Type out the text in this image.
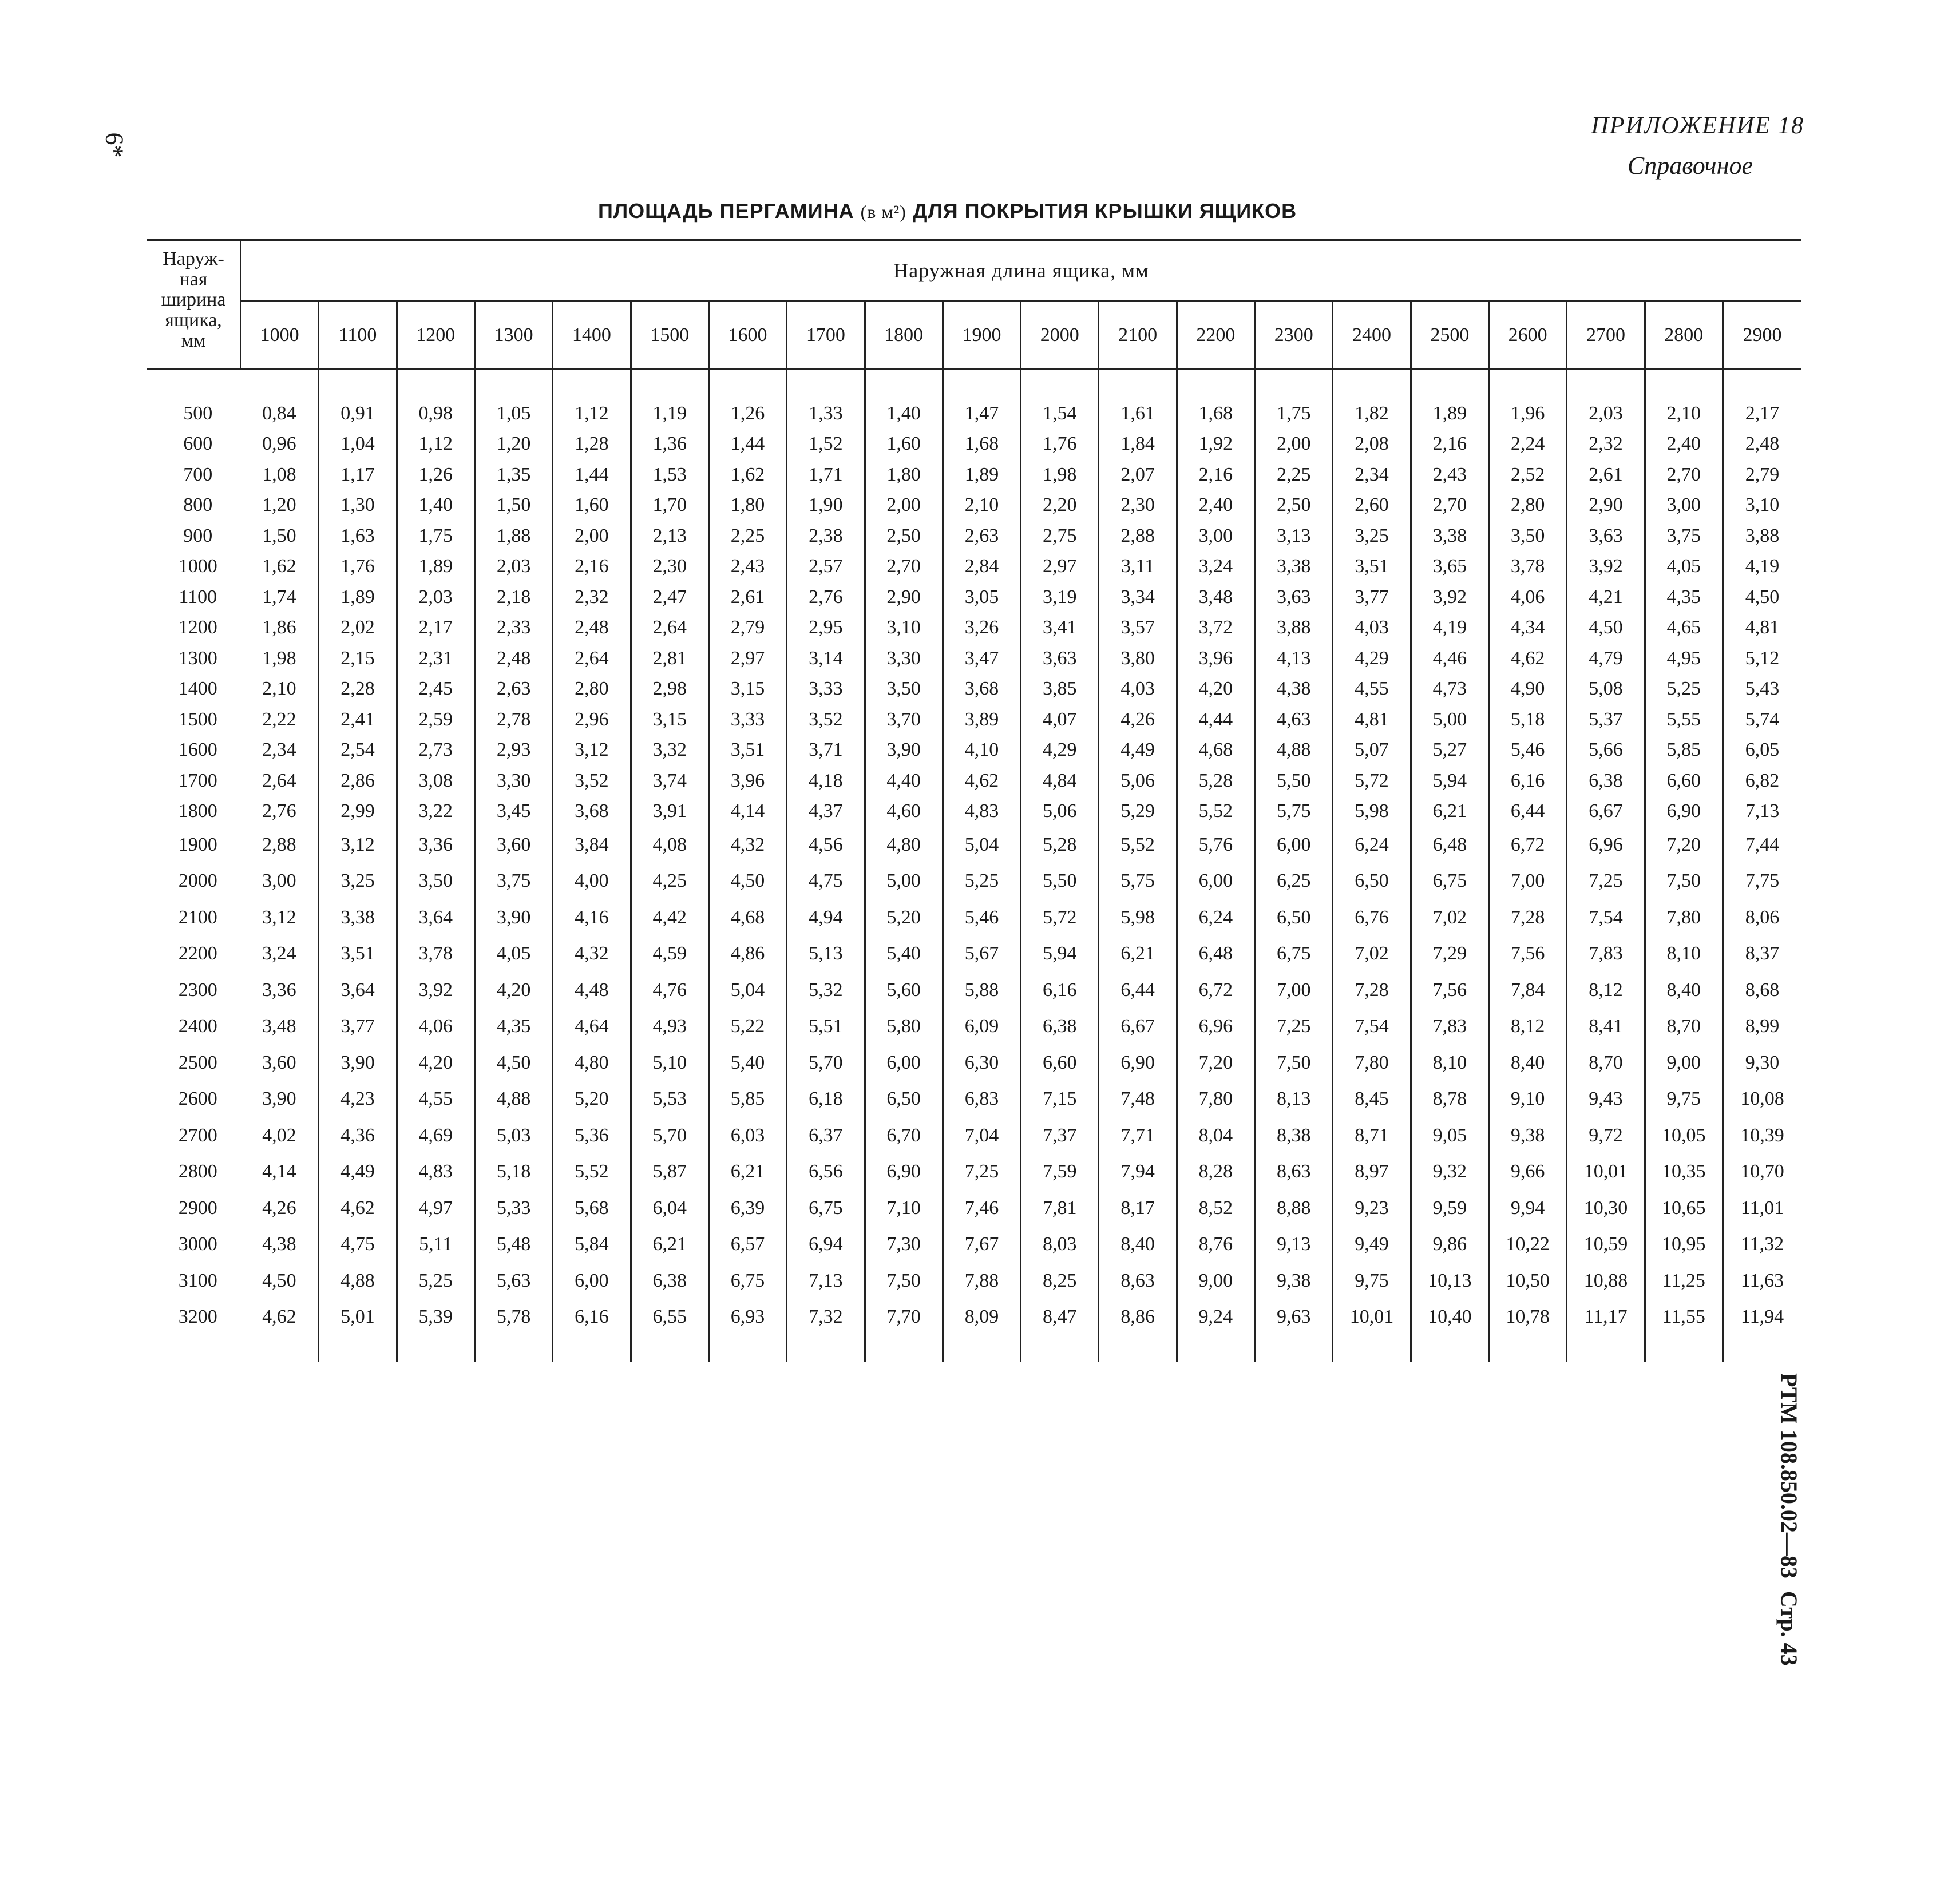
6*
ПРИЛОЖЕНИЕ 18
Справочное
ПЛОЩАДЬ ПЕРГАМИНА (в м²) ДЛЯ ПОКРЫТИЯ КРЫШКИ ЯЩИКОВ
РТМ 108.850.02—83
Стр. 43
Наруж-
ная
ширина
ящика,
мм	Наружная длина ящика, мм																			
	1000	1100	1200	1300	1400	1500	1600	1700	1800	1900	2000	2100	2200	2300	2400	2500	2600	2700	2800	2900

500	0,84	0,91	0,98	1,05	1,12	1,19	1,26	1,33	1,40	1,47	1,54	1,61	1,68	1,75	1,82	1,89	1,96	2,03	2,10	2,17
600	0,96	1,04	1,12	1,20	1,28	1,36	1,44	1,52	1,60	1,68	1,76	1,84	1,92	2,00	2,08	2,16	2,24	2,32	2,40	2,48
700	1,08	1,17	1,26	1,35	1,44	1,53	1,62	1,71	1,80	1,89	1,98	2,07	2,16	2,25	2,34	2,43	2,52	2,61	2,70	2,79
800	1,20	1,30	1,40	1,50	1,60	1,70	1,80	1,90	2,00	2,10	2,20	2,30	2,40	2,50	2,60	2,70	2,80	2,90	3,00	3,10
900	1,50	1,63	1,75	1,88	2,00	2,13	2,25	2,38	2,50	2,63	2,75	2,88	3,00	3,13	3,25	3,38	3,50	3,63	3,75	3,88
1000	1,62	1,76	1,89	2,03	2,16	2,30	2,43	2,57	2,70	2,84	2,97	3,11	3,24	3,38	3,51	3,65	3,78	3,92	4,05	4,19
1100	1,74	1,89	2,03	2,18	2,32	2,47	2,61	2,76	2,90	3,05	3,19	3,34	3,48	3,63	3,77	3,92	4,06	4,21	4,35	4,50
1200	1,86	2,02	2,17	2,33	2,48	2,64	2,79	2,95	3,10	3,26	3,41	3,57	3,72	3,88	4,03	4,19	4,34	4,50	4,65	4,81
1300	1,98	2,15	2,31	2,48	2,64	2,81	2,97	3,14	3,30	3,47	3,63	3,80	3,96	4,13	4,29	4,46	4,62	4,79	4,95	5,12
1400	2,10	2,28	2,45	2,63	2,80	2,98	3,15	3,33	3,50	3,68	3,85	4,03	4,20	4,38	4,55	4,73	4,90	5,08	5,25	5,43
1500	2,22	2,41	2,59	2,78	2,96	3,15	3,33	3,52	3,70	3,89	4,07	4,26	4,44	4,63	4,81	5,00	5,18	5,37	5,55	5,74
1600	2,34	2,54	2,73	2,93	3,12	3,32	3,51	3,71	3,90	4,10	4,29	4,49	4,68	4,88	5,07	5,27	5,46	5,66	5,85	6,05
1700	2,64	2,86	3,08	3,30	3,52	3,74	3,96	4,18	4,40	4,62	4,84	5,06	5,28	5,50	5,72	5,94	6,16	6,38	6,60	6,82
1800	2,76	2,99	3,22	3,45	3,68	3,91	4,14	4,37	4,60	4,83	5,06	5,29	5,52	5,75	5,98	6,21	6,44	6,67	6,90	7,13
1900	2,88	3,12	3,36	3,60	3,84	4,08	4,32	4,56	4,80	5,04	5,28	5,52	5,76	6,00	6,24	6,48	6,72	6,96	7,20	7,44
2000	3,00	3,25	3,50	3,75	4,00	4,25	4,50	4,75	5,00	5,25	5,50	5,75	6,00	6,25	6,50	6,75	7,00	7,25	7,50	7,75
2100	3,12	3,38	3,64	3,90	4,16	4,42	4,68	4,94	5,20	5,46	5,72	5,98	6,24	6,50	6,76	7,02	7,28	7,54	7,80	8,06
2200	3,24	3,51	3,78	4,05	4,32	4,59	4,86	5,13	5,40	5,67	5,94	6,21	6,48	6,75	7,02	7,29	7,56	7,83	8,10	8,37
2300	3,36	3,64	3,92	4,20	4,48	4,76	5,04	5,32	5,60	5,88	6,16	6,44	6,72	7,00	7,28	7,56	7,84	8,12	8,40	8,68
2400	3,48	3,77	4,06	4,35	4,64	4,93	5,22	5,51	5,80	6,09	6,38	6,67	6,96	7,25	7,54	7,83	8,12	8,41	8,70	8,99
2500	3,60	3,90	4,20	4,50	4,80	5,10	5,40	5,70	6,00	6,30	6,60	6,90	7,20	7,50	7,80	8,10	8,40	8,70	9,00	9,30
2600	3,90	4,23	4,55	4,88	5,20	5,53	5,85	6,18	6,50	6,83	7,15	7,48	7,80	8,13	8,45	8,78	9,10	9,43	9,75	10,08
2700	4,02	4,36	4,69	5,03	5,36	5,70	6,03	6,37	6,70	7,04	7,37	7,71	8,04	8,38	8,71	9,05	9,38	9,72	10,05	10,39
2800	4,14	4,49	4,83	5,18	5,52	5,87	6,21	6,56	6,90	7,25	7,59	7,94	8,28	8,63	8,97	9,32	9,66	10,01	10,35	10,70
2900	4,26	4,62	4,97	5,33	5,68	6,04	6,39	6,75	7,10	7,46	7,81	8,17	8,52	8,88	9,23	9,59	9,94	10,30	10,65	11,01
3000	4,38	4,75	5,11	5,48	5,84	6,21	6,57	6,94	7,30	7,67	8,03	8,40	8,76	9,13	9,49	9,86	10,22	10,59	10,95	11,32
3100	4,50	4,88	5,25	5,63	6,00	6,38	6,75	7,13	7,50	7,88	8,25	8,63	9,00	9,38	9,75	10,13	10,50	10,88	11,25	11,63
3200	4,62	5,01	5,39	5,78	6,16	6,55	6,93	7,32	7,70	8,09	8,47	8,86	9,24	9,63	10,01	10,40	10,78	11,17	11,55	11,94
